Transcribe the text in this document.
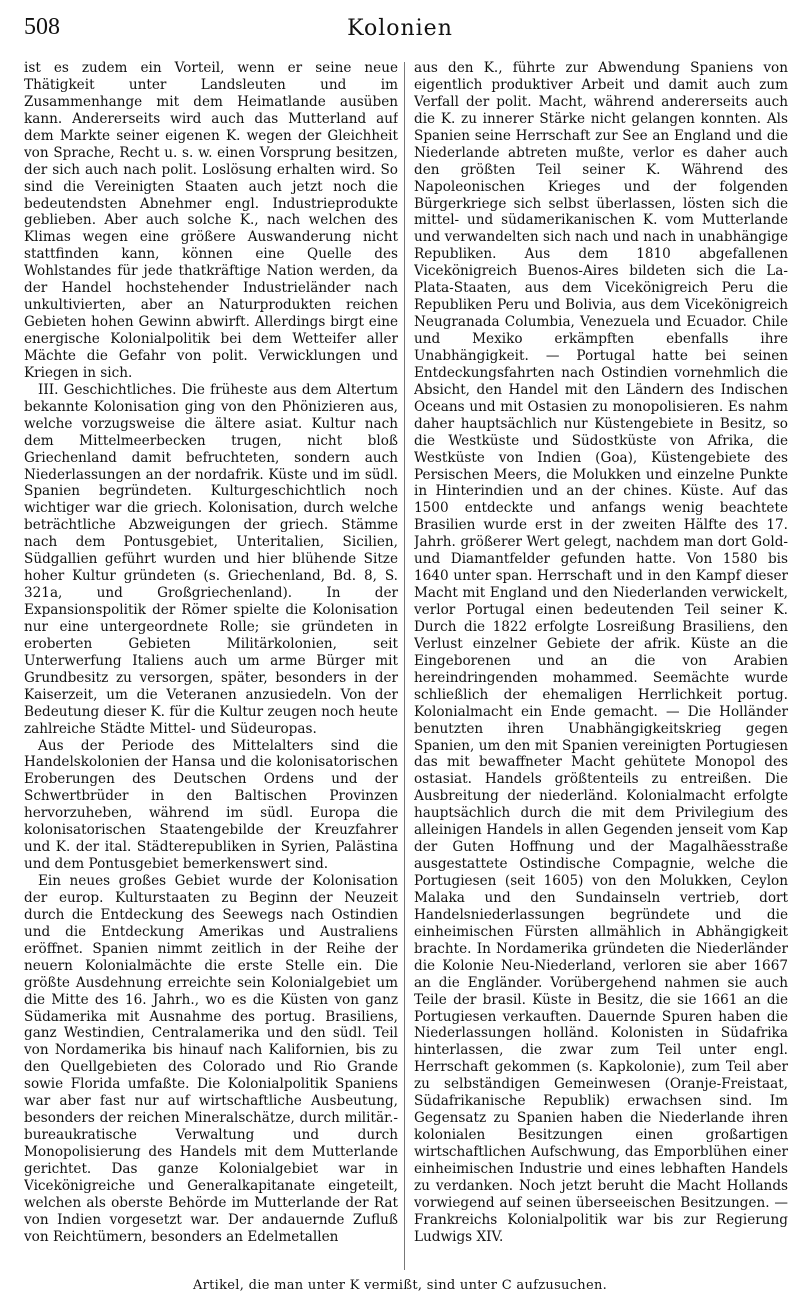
508	Kolonien

ist es zudem ein Vorteil, wenn er seine neue Thätigkeit unter Landsleuten und im Zusammenhange mit dem Heimatlande ausüben kann. Andererseits wird auch das Mutterland auf dem Markte seiner eigenen K. wegen der Gleichheit von Sprache, Recht u. s. w. einen Vorsprung besitzen, der sich auch nach polit. Loslösung erhalten wird. So sind die Vereinigten Staaten auch jetzt noch die bedeutendsten Abnehmer engl. Industrieprodukte geblieben. Aber auch solche K., nach welchen des Klimas wegen eine größere Auswanderung nicht stattfinden kann, können eine Quelle des Wohlstandes für jede thatkräftige Nation werden, da der Handel hochstehender Industrieländer nach unkultivierten, aber an Naturprodukten reichen Gebieten hohen Gewinn abwirft. Allerdings birgt eine energische Kolonialpolitik bei dem Wetteifer aller Mächte die Gefahr von polit. Verwicklungen und Kriegen in sich.

III. Geschichtliches. Die früheste aus dem Altertum bekannte Kolonisation ging von den Phönizieren aus, welche vorzugsweise die ältere asiat. Kultur nach dem Mittelmeerbecken trugen, nicht bloß Griechenland damit befruchteten, sondern auch Niederlassungen an der nordafrik. Küste und im südl. Spanien begründeten. Kulturgeschichtlich noch wichtiger war die griech. Kolonisation, durch welche beträchtliche Abzweigungen der griech. Stämme nach dem Pontusgebiet, Unteritalien, Sicilien, Südgallien geführt wurden und hier blühende Sitze hoher Kultur gründeten (s. Griechenland, Bd. 8, S. 321a, und Großgriechenland). In der Expansionspolitik der Römer spielte die Kolonisation nur eine untergeordnete Rolle; sie gründeten in eroberten Gebieten Militärkolonien, seit Unterwerfung Italiens auch um arme Bürger mit Grundbesitz zu versorgen, später, besonders in der Kaiserzeit, um die Veteranen anzusiedeln. Von der Bedeutung dieser K. für die Kultur zeugen noch heute zahlreiche Städte Mittel- und Südeuropas.

Aus der Periode des Mittelalters sind die Handelskolonien der Hansa und die kolonisatorischen Eroberungen des Deutschen Ordens und der Schwertbrüder in den Baltischen Provinzen hervorzuheben, während im südl. Europa die kolonisatorischen Staatengebilde der Kreuzfahrer und K. der ital. Städterepubliken in Syrien, Palästina und dem Pontusgebiet bemerkenswert sind.

Ein neues großes Gebiet wurde der Kolonisation der europ. Kulturstaaten zu Beginn der Neuzeit durch die Entdeckung des Seewegs nach Ostindien und die Entdeckung Amerikas und Australiens eröffnet. Spanien nimmt zeitlich in der Reihe der neuern Kolonialmächte die erste Stelle ein. Die größte Ausdehnung erreichte sein Kolonialgebiet um die Mitte des 16. Jahrh., wo es die Küsten von ganz Südamerika mit Ausnahme des portug. Brasiliens, ganz Westindien, Centralamerika und den südl. Teil von Nordamerika bis hinauf nach Kalifornien, bis zu den Quellgebieten des Colorado und Rio Grande sowie Florida umfaßte. Die Kolonialpolitik Spaniens war aber fast nur auf wirtschaftliche Ausbeutung, besonders der reichen Mineralschätze, durch militär.-bureaukratische Verwaltung und durch Monopolisierung des Handels mit dem Mutterlande gerichtet. Das ganze Kolonialgebiet war in Vicekönigreiche und Generalkapitanate eingeteilt, welchen als oberste Behörde im Mutterlande der Rat von Indien vorgesetzt war. Der andauernde Zufluß von Reichtümern, besonders an Edelmetallen

aus den K., führte zur Abwendung Spaniens von eigentlich produktiver Arbeit und damit auch zum Verfall der polit. Macht, während andererseits auch die K. zu innerer Stärke nicht gelangen konnten. Als Spanien seine Herrschaft zur See an England und die Niederlande abtreten mußte, verlor es daher auch den größten Teil seiner K. Während des Napoleonischen Krieges und der folgenden Bürgerkriege sich selbst überlassen, lösten sich die mittel- und südamerikanischen K. vom Mutterlande und verwandelten sich nach und nach in unabhängige Republiken. Aus dem 1810 abgefallenen Vicekönigreich Buenos-Aires bildeten sich die La-Plata-Staaten, aus dem Vicekönigreich Peru die Republiken Peru und Bolivia, aus dem Vicekönigreich Neugranada Columbia, Venezuela und Ecuador. Chile und Mexiko erkämpften ebenfalls ihre Unabhängigkeit. — Portugal hatte bei seinen Entdeckungsfahrten nach Ostindien vornehmlich die Absicht, den Handel mit den Ländern des Indischen Oceans und mit Ostasien zu monopolisieren. Es nahm daher hauptsächlich nur Küstengebiete in Besitz, so die Westküste und Südostküste von Afrika, die Westküste von Indien (Goa), Küstengebiete des Persischen Meers, die Molukken und einzelne Punkte in Hinterindien und an der chines. Küste. Auf das 1500 entdeckte und anfangs wenig beachtete Brasilien wurde erst in der zweiten Hälfte des 17. Jahrh. größerer Wert gelegt, nachdem man dort Gold- und Diamantfelder gefunden hatte. Von 1580 bis 1640 unter span. Herrschaft und in den Kampf dieser Macht mit England und den Niederlanden verwickelt, verlor Portugal einen bedeutenden Teil seiner K. Durch die 1822 erfolgte Losreißung Brasiliens, den Verlust einzelner Gebiete der afrik. Küste an die Eingeborenen und an die von Arabien hereindringenden mohammed. Seemächte wurde schließlich der ehemaligen Herrlichkeit portug. Kolonialmacht ein Ende gemacht. — Die Holländer benutzten ihren Unabhängigkeitskrieg gegen Spanien, um den mit Spanien vereinigten Portugiesen das mit bewaffneter Macht gehütete Monopol des ostasiat. Handels größtenteils zu entreißen. Die Ausbreitung der niederländ. Kolonialmacht erfolgte hauptsächlich durch die mit dem Privilegium des alleinigen Handels in allen Gegenden jenseit vom Kap der Guten Hoffnung und der Magalhãesstraße ausgestattete Ostindische Compagnie, welche die Portugiesen (seit 1605) von den Molukken, Ceylon Malaka und den Sundainseln vertrieb, dort Handelsniederlassungen begründete und die einheimischen Fürsten allmählich in Abhängigkeit brachte. In Nordamerika gründeten die Niederländer die Kolonie Neu-Niederland, verloren sie aber 1667 an die Engländer. Vorübergehend nahmen sie auch Teile der brasil. Küste in Besitz, die sie 1661 an die Portugiesen verkauften. Dauernde Spuren haben die Niederlassungen holländ. Kolonisten in Südafrika hinterlassen, die zwar zum Teil unter engl. Herrschaft gekommen (s. Kapkolonie), zum Teil aber zu selbständigen Gemeinwesen (Oranje-Freistaat, Südafrikanische Republik) erwachsen sind. Im Gegensatz zu Spanien haben die Niederlande ihren kolonialen Besitzungen einen großartigen wirtschaftlichen Aufschwung, das Emporblühen einer einheimischen Industrie und eines lebhaften Handels zu verdanken. Noch jetzt beruht die Macht Hollands vorwiegend auf seinen überseeischen Besitzungen. — Frankreichs Kolonialpolitik war bis zur Regierung Ludwigs XIV.

Artikel, die man unter K vermißt, sind unter C aufzusuchen.
